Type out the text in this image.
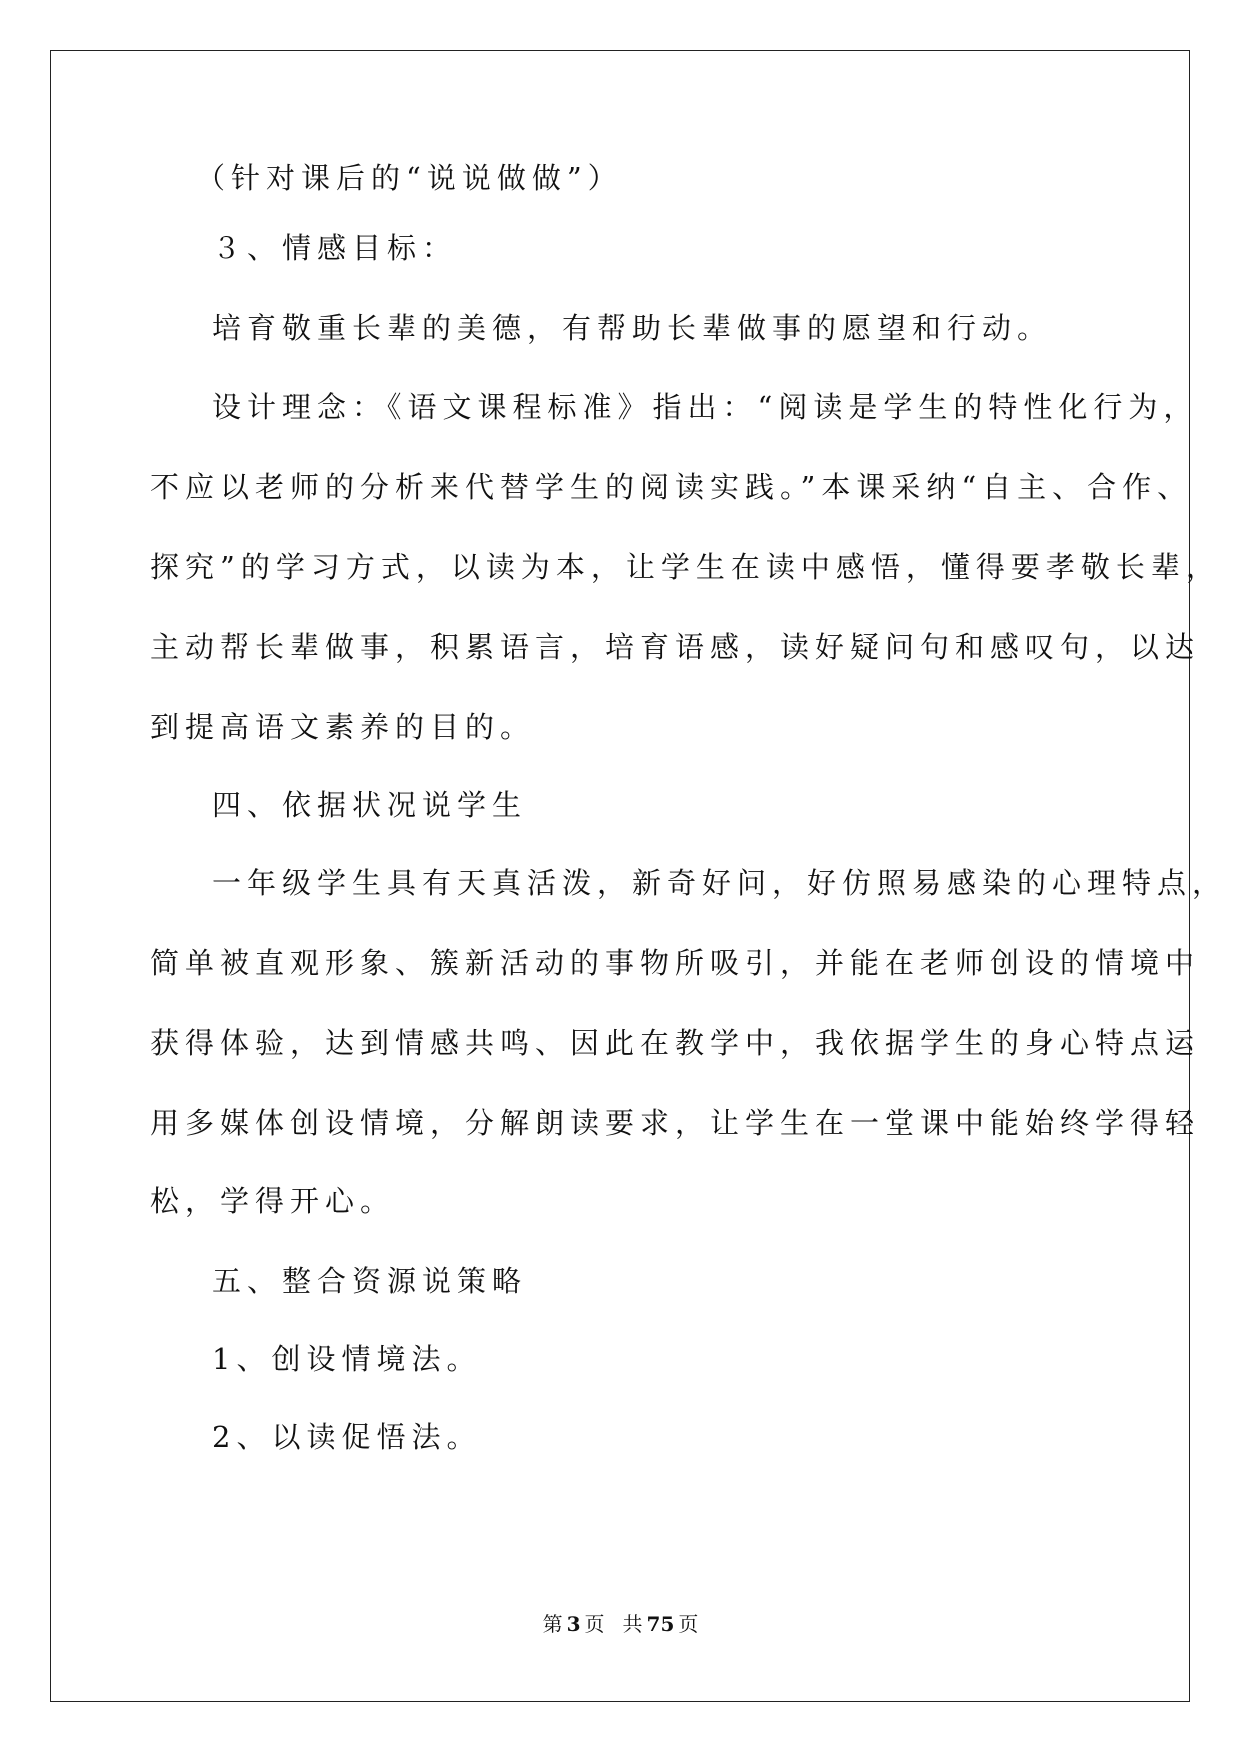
（针对课后的“说说做做”）
３、情感目标：
培育敬重长辈的美德，有帮助长辈做事的愿望和行动。
设计理念：《语文课程标准》指出：“阅读是学生的特性化行为，
不应以老师的分析来代替学生的阅读实践。”本课采纳“自主、合作、
探究”的学习方式，以读为本，让学生在读中感悟，懂得要孝敬长辈，
主动帮长辈做事，积累语言，培育语感，读好疑问句和感叹句，以达
到提高语文素养的目的。
四、依据状况说学生
一年级学生具有天真活泼，新奇好问，好仿照易感染的心理特点，
简单被直观形象、簇新活动的事物所吸引，并能在老师创设的情境中
获得体验，达到情感共鸣、因此在教学中，我依据学生的身心特点运
用多媒体创设情境，分解朗读要求，让学生在一堂课中能始终学得轻
松，学得开心。
五、整合资源说策略
1、创设情境法。
2、以读促悟法。
第 3 页 共 75 页
